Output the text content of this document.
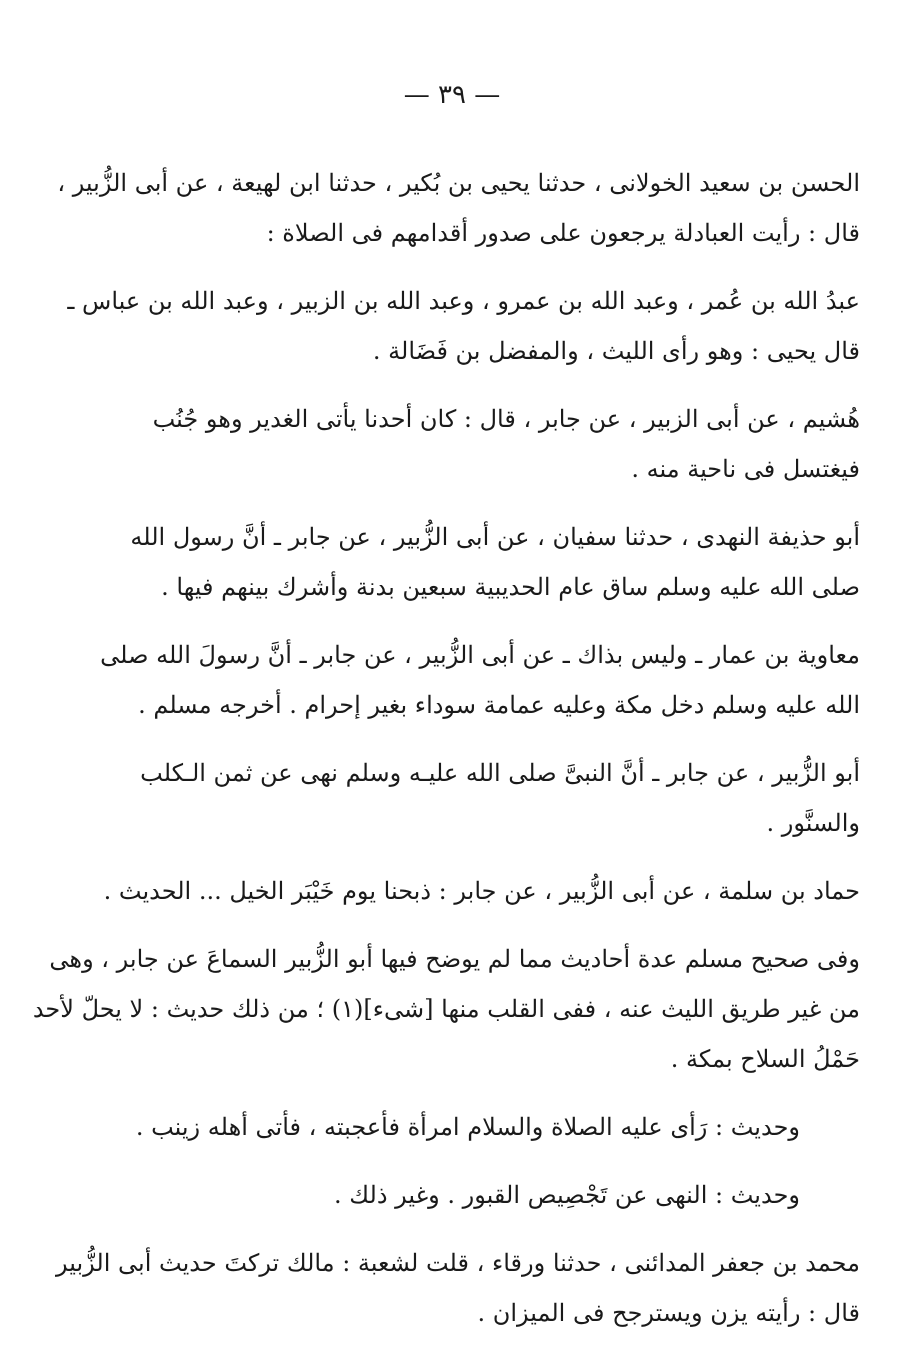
— ٣٩ —

الحسن بن سعيد الخولانى ، حدثنا يحيى بن بُكير ، حدثنا ابن لهيعة ، عن أبى الزُّبير ،
قال : رأيت العبادلة يرجعون على صدور أقدامهم فى الصلاة :

عبدُ الله بن عُمر ، وعبد الله بن عمرو ، وعبد الله بن الزبير ، وعبد الله بن عباس ـ
قال يحيى : وهو رأى الليث ، والمفضل بن فَضَالة .

هُشيم ، عن أبى الزبير ، عن جابر ، قال : كان أحدنا يأتى الغدير وهو جُنُب
فيغتسل فى ناحية منه .

أبو حذيفة النهدى ، حدثنا سفيان ، عن أبى الزُّبير ، عن جابر ـ أنَّ رسول الله
صلى الله عليه وسلم ساق عام الحديبية سبعين بدنة وأشرك بينهم فيها .

معاوية بن عمار ـ وليس بذاك ـ عن أبى الزُّبير ، عن جابر ـ أنَّ رسولَ الله صلى
الله عليه وسلم دخل مكة وعليه عمامة سوداء بغير إحرام . أخرجه مسلم .

أبو الزُّبير ، عن جابر ـ أنَّ النبىَّ صلى الله عليـه وسلم نهى عن ثمن الـكلب
والسنَّور .

حماد بن سلمة ، عن أبى الزُّبير ، عن جابر : ذبحنا يوم خَيْبَر الخيل ... الحديث .

وفى صحيح مسلم عدة أحاديث مما لم يوضح فيها أبو الزُّبير السماعَ عن جابر ، وهى
من غير طريق الليث عنه ، ففى القلب منها [شىء](١) ؛ من ذلك حديث : لا يحلّ لأحد
حَمْلُ السلاح بمكة .

وحديث : رَأى عليه الصلاة والسلام امرأة فأعجبته ، فأتى أهله زينب .

وحديث : النهى عن تَجْصِيص القبور . وغير ذلك .

محمد بن جعفر المدائنى ، حدثنا ورقاء ، قلت لشعبة : مالك تركتَ حديث أبى الزُّبير
قال : رأيته يزن ويسترجح فى الميزان .
